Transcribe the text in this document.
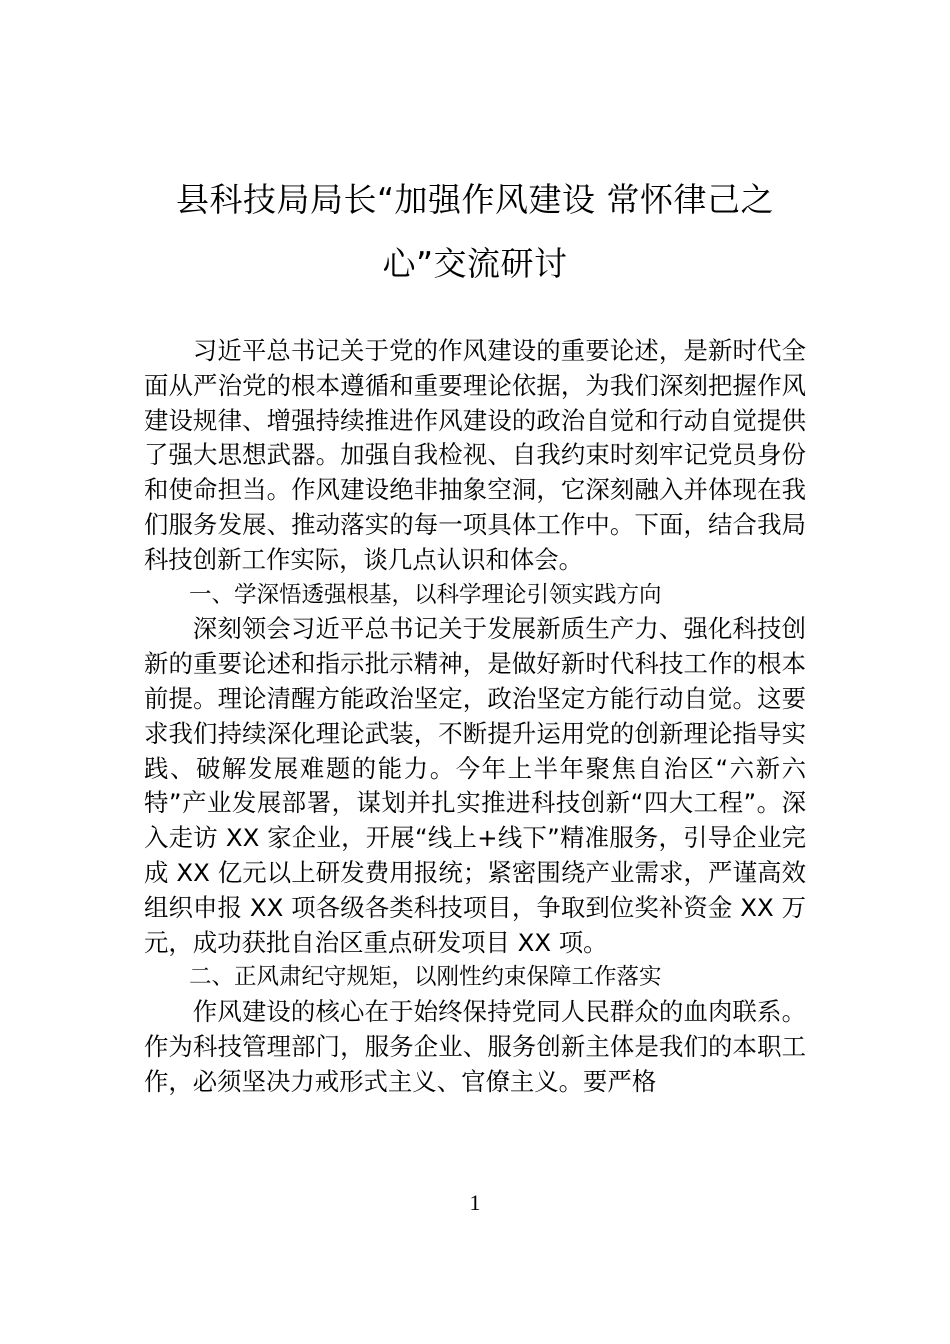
县科技局局长“加强作风建设 常怀律己之心”交流研讨

习近平总书记关于党的作风建设的重要论述，是新时代全面从严治党的根本遵循和重要理论依据，为我们深刻把握作风建设规律、增强持续推进作风建设的政治自觉和行动自觉提供了强大思想武器。加强自我检视、自我约束时刻牢记党员身份和使命担当。作风建设绝非抽象空洞，它深刻融入并体现在我们服务发展、推动落实的每一项具体工作中。下面，结合我局科技创新工作实际，谈几点认识和体会。

一、学深悟透强根基，以科学理论引领实践方向

深刻领会习近平总书记关于发展新质生产力、强化科技创新的重要论述和指示批示精神，是做好新时代科技工作的根本前提。理论清醒方能政治坚定，政治坚定方能行动自觉。这要求我们持续深化理论武装，不断提升运用党的创新理论指导实践、破解发展难题的能力。今年上半年聚焦自治区“六新六特”产业发展部署，谋划并扎实推进科技创新“四大工程”。深入走访 XX 家企业，开展“线上+线下”精准服务，引导企业完成 XX 亿元以上研发费用报统；紧密围绕产业需求，严谨高效组织申报 XX 项各级各类科技项目，争取到位奖补资金 XX 万元，成功获批自治区重点研发项目 XX 项。

二、正风肃纪守规矩，以刚性约束保障工作落实

作风建设的核心在于始终保持党同人民群众的血肉联系。作为科技管理部门，服务企业、服务创新主体是我们的本职工作，必须坚决力戒形式主义、官僚主义。要严格

1
